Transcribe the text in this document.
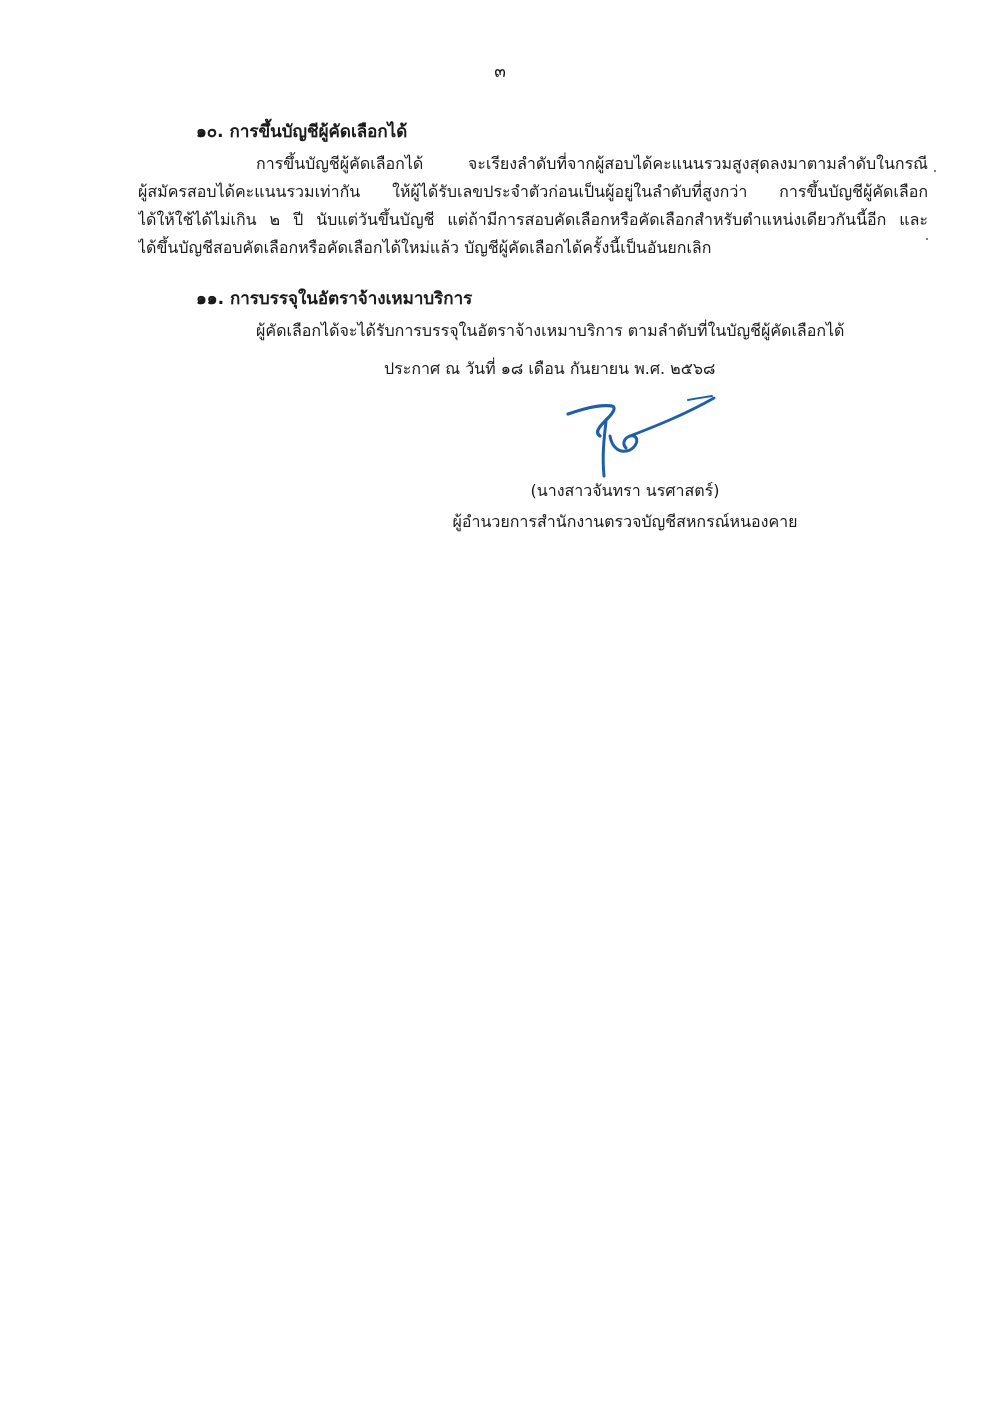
๓
๑๐. การขึ้นบัญชีผู้คัดเลือกได้
การขึ้นบัญชีผู้คัดเลือกได้ จะเรียงลำดับที่จากผู้สอบได้คะแนนรวมสูงสุดลงมาตามลำดับในกรณี
ผู้สมัครสอบได้คะแนนรวมเท่ากัน ให้ผู้ได้รับเลขประจำตัวก่อนเป็นผู้อยู่ในลำดับที่สูงกว่า การขึ้นบัญชีผู้คัดเลือก
ได้ให้ใช้ได้ไม่เกิน ๒ ปี นับแต่วันขึ้นบัญชี แต่ถ้ามีการสอบคัดเลือกหรือคัดเลือกสำหรับตำแหน่งเดียวกันนี้อีก และ
ได้ขึ้นบัญชีสอบคัดเลือกหรือคัดเลือกได้ใหม่แล้ว บัญชีผู้คัดเลือกได้ครั้งนี้เป็นอันยกเลิก
๑๑. การบรรจุในอัตราจ้างเหมาบริการ
ผู้คัดเลือกได้จะได้รับการบรรจุในอัตราจ้างเหมาบริการ ตามลำดับที่ในบัญชีผู้คัดเลือกได้
ประกาศ ณ วันที่ ๑๘ เดือน กันยายน พ.ศ. ๒๕๖๘
(นางสาวจันทรา นรศาสตร์)
ผู้อำนวยการสำนักงานตรวจบัญชีสหกรณ์หนองคาย
